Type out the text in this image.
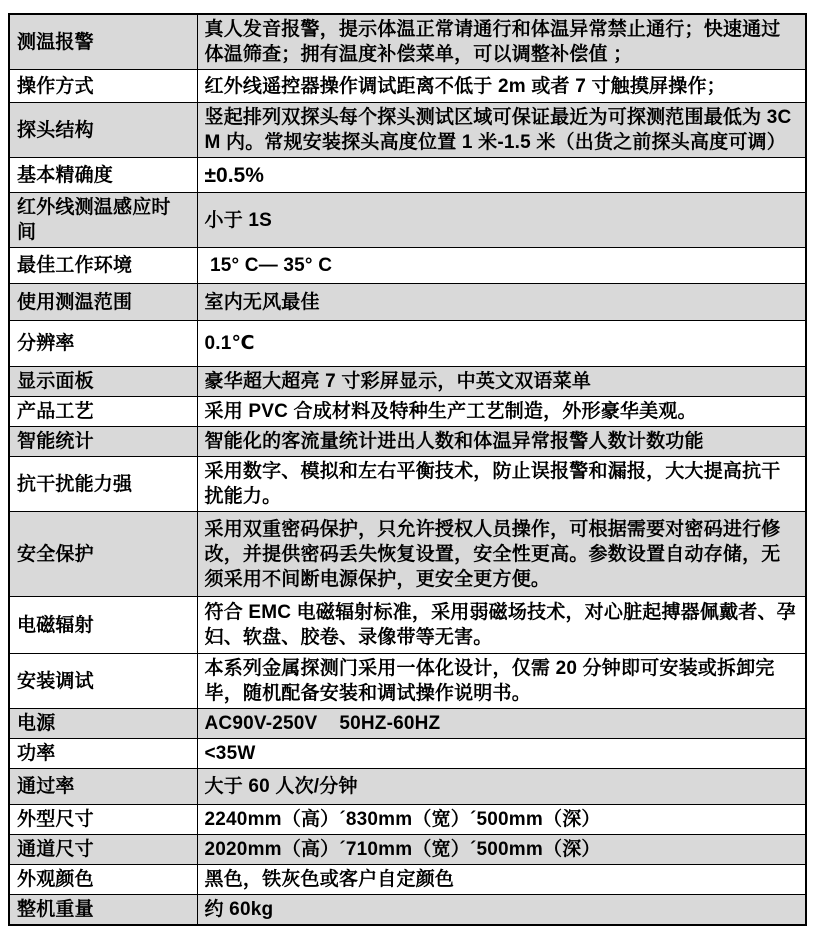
测温报警	真人发音报警，提示体温正常请通行和体温异常禁止通行；快速通过体温筛查；拥有温度补偿菜单，可以调整补偿值 ；
操作方式	红外线遥控器操作调试距离不低于 2m 或者 7 寸触摸屏操作；
探头结构	竖起排列双探头每个探头测试区域可保证最近为可探测范围最低为 3CM 内。常规安装探头高度位置 1 米-1.5 米（出货之前探头高度可调）
基本精确度	±0.5%
红外线测温感应时间	小于 1S
最佳工作环境	15° C— 35° C
使用测温范围	室内无风最佳
分辨率	0.1℃
显示面板	豪华超大超亮 7 寸彩屏显示，中英文双语菜单
产品工艺	采用 PVC 合成材料及特种生产工艺制造，外形豪华美观。
智能统计	智能化的客流量统计进出人数和体温异常报警人数计数功能
抗干扰能力强	采用数字、模拟和左右平衡技术，防止误报警和漏报，大大提高抗干扰能力。
安全保护	采用双重密码保护，只允许授权人员操作，可根据需要对密码进行修改，并提供密码丢失恢复设置，安全性更高。参数设置自动存储，无须采用不间断电源保护，更安全更方便。
电磁辐射	符合 EMC 电磁辐射标准，采用弱磁场技术，对心脏起搏器佩戴者、孕妇、软盘、胶卷、录像带等无害。
安装调试	本系列金属探测门采用一体化设计，仅需 20 分钟即可安装或拆卸完毕，随机配备安装和调试操作说明书。
电源	AC90V-250V    50HZ-60HZ
功率	<35W
通过率	大于 60 人次/分钟
外型尺寸	2240mm（高）´830mm（宽）´500mm（深）
通道尺寸	2020mm（高）´710mm（宽）´500mm（深）
外观颜色	黑色，铁灰色或客户自定颜色
整机重量	约 60kg
